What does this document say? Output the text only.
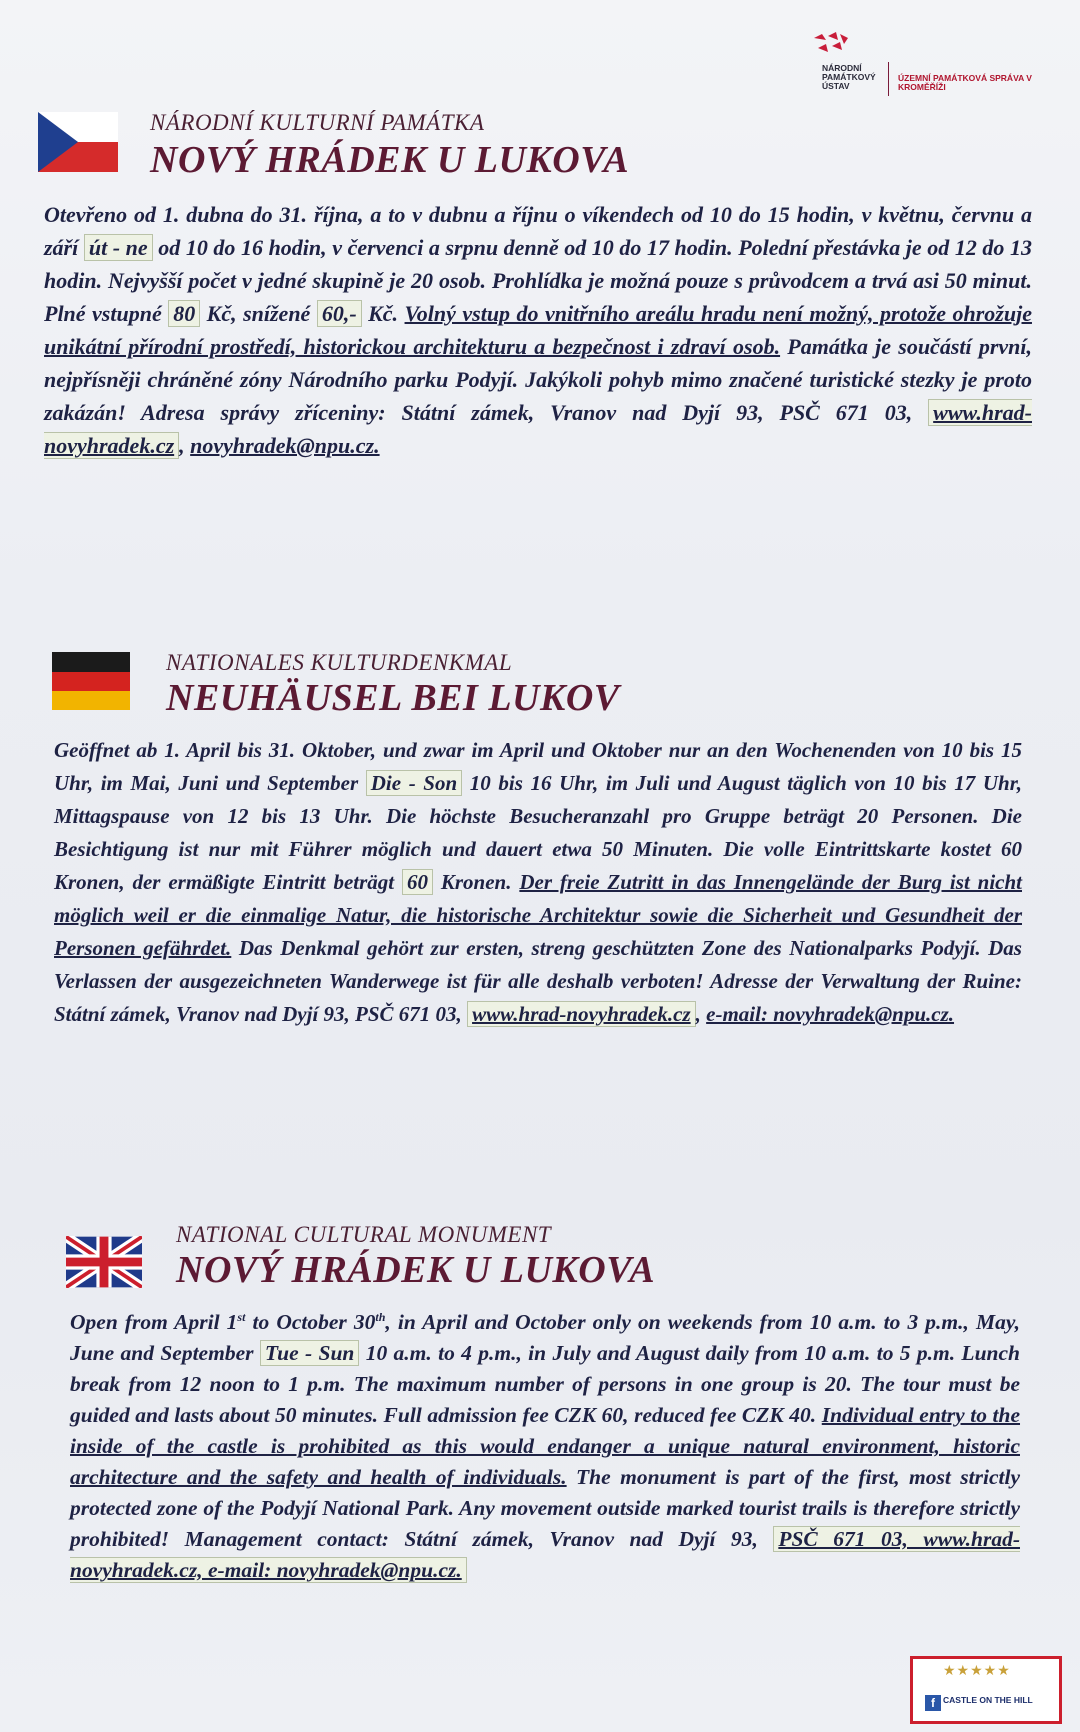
NÁRODNÍ PAMÁTKOVÝ ÚSTAV
ÚZEMNÍ PAMÁTKOVÁ SPRÁVA V KROMĚŘÍŽI
NÁRODNÍ KULTURNÍ PAMÁTKA
NOVÝ HRÁDEK U LUKOVA
Otevřeno od 1. dubna do 31. října, a to v dubnu a říjnu o víkendech od 10 do 15 hodin, v květnu, červnu a září út - ne od 10 do 16 hodin, v červenci a srpnu denně od 10 do 17 hodin. Polední přestávka je od 12 do 13 hodin. Nejvyšší počet v jedné skupině je 20 osob. Prohlídka je možná pouze s průvodcem a trvá asi 50 minut. Plné vstupné 80 Kč, snížené 60,- Kč. Volný vstup do vnitřního areálu hradu není možný, protože ohrožuje unikátní přírodní prostředí, historickou architekturu a bezpečnost i zdraví osob. Památka je součástí první, nejpřísněji chráněné zóny Národního parku Podyjí. Jakýkoli pohyb mimo značené turistické stezky je proto zakázán! Adresa správy zříceniny: Státní zámek, Vranov nad Dyjí 93, PSČ 671 03, www.hrad-novyhradek.cz , novyhradek@npu.cz.
NATIONALES KULTURDENKMAL
NEUHÄUSEL BEI LUKOV
Geöffnet ab 1. April bis 31. Oktober, und zwar im April und Oktober nur an den Wochenenden von 10 bis 15 Uhr, im Mai, Juni und September Die - Son 10 bis 16 Uhr, im Juli und August täglich von 10 bis 17 Uhr, Mittagspause von 12 bis 13 Uhr. Die höchste Besucheranzahl pro Gruppe beträgt 20 Personen. Die Besichtigung ist nur mit Führer möglich und dauert etwa 50 Minuten. Die volle Eintrittskarte kostet 60 Kronen, der ermäßigte Eintritt beträgt 60 Kronen. Der freie Zutritt in das Innengelände der Burg ist nicht möglich weil er die einmalige Natur, die historische Architektur sowie die Sicherheit und Gesundheit der Personen gefährdet. Das Denkmal gehört zur ersten, streng geschützten Zone des Nationalparks Podyjí. Das Verlassen der ausgezeichneten Wanderwege ist für alle deshalb verboten! Adresse der Verwaltung der Ruine: Státní zámek, Vranov nad Dyjí 93, PSČ 671 03, www.hrad-novyhradek.cz , e-mail: novyhradek@npu.cz.
NATIONAL CULTURAL MONUMENT
NOVÝ HRÁDEK U LUKOVA
Open from April 1st to October 30th, in April and October only on weekends from 10 a.m. to 3 p.m., May, June and September Tue - Sun 10 a.m. to 4 p.m., in July and August daily from 10 a.m. to 5 p.m. Lunch break from 12 noon to 1 p.m. The maximum number of persons in one group is 20. The tour must be guided and lasts about 50 minutes. Full admission fee CZK 60, reduced fee CZK 40. Individual entry to the inside of the castle is prohibited as this would endanger a unique natural environment, historic architecture and the safety and health of individuals. The monument is part of the first, most strictly protected zone of the Podyjí National Park. Any movement outside marked tourist trails is therefore strictly prohibited! Management contact: Státní zámek, Vranov nad Dyjí 93, PSČ 671 03, www.hrad-novyhradek.cz, e-mail: novyhradek@npu.cz.
★★★★★
f CASTLE ON THE HILL
